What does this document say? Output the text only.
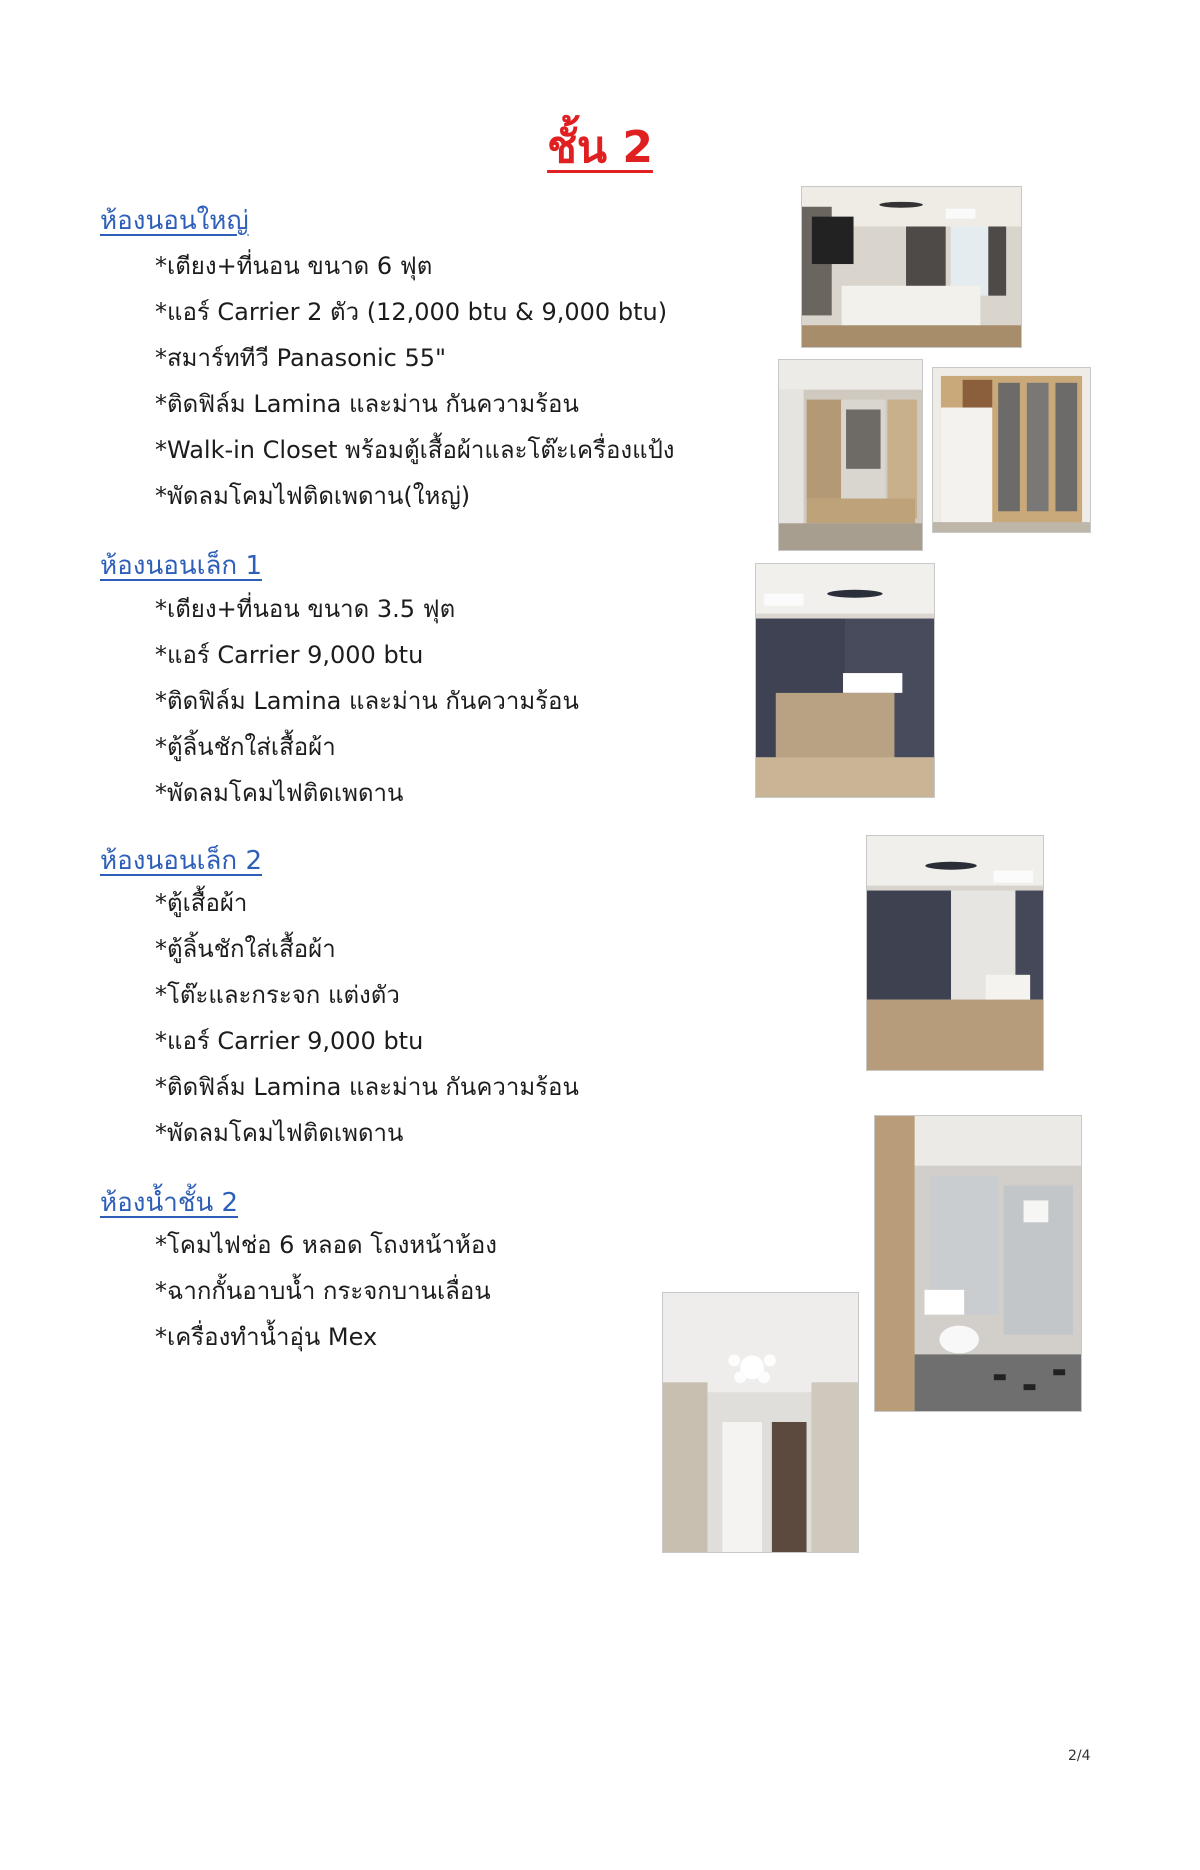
ชั้น 2
ห้องนอนใหญ่
*เตียง+ที่นอน ขนาด 6 ฟุต
*แอร์ Carrier 2 ตัว (12,000 btu & 9,000 btu)
*สมาร์ททีวี Panasonic 55"
*ติดฟิล์ม Lamina และม่าน กันความร้อน
*Walk-in Closet พร้อมตู้เสื้อผ้าและโต๊ะเครื่องแป้ง
*พัดลมโคมไฟติดเพดาน(ใหญ่)
ห้องนอนเล็ก 1
*เตียง+ที่นอน ขนาด 3.5 ฟุต
*แอร์ Carrier 9,000 btu
*ติดฟิล์ม Lamina และม่าน กันความร้อน
*ตู้ลิ้นชักใส่เสื้อผ้า
*พัดลมโคมไฟติดเพดาน
ห้องนอนเล็ก 2
*ตู้เสื้อผ้า
*ตู้ลิ้นชักใส่เสื้อผ้า
*โต๊ะและกระจก แต่งตัว
*แอร์ Carrier 9,000 btu
*ติดฟิล์ม Lamina และม่าน กันความร้อน
*พัดลมโคมไฟติดเพดาน
ห้องน้ำชั้น 2
*โคมไฟช่อ 6 หลอด โถงหน้าห้อง
*ฉากกั้นอาบน้ำ กระจกบานเลื่อน
*เครื่องทำน้ำอุ่น Mex
2/4
